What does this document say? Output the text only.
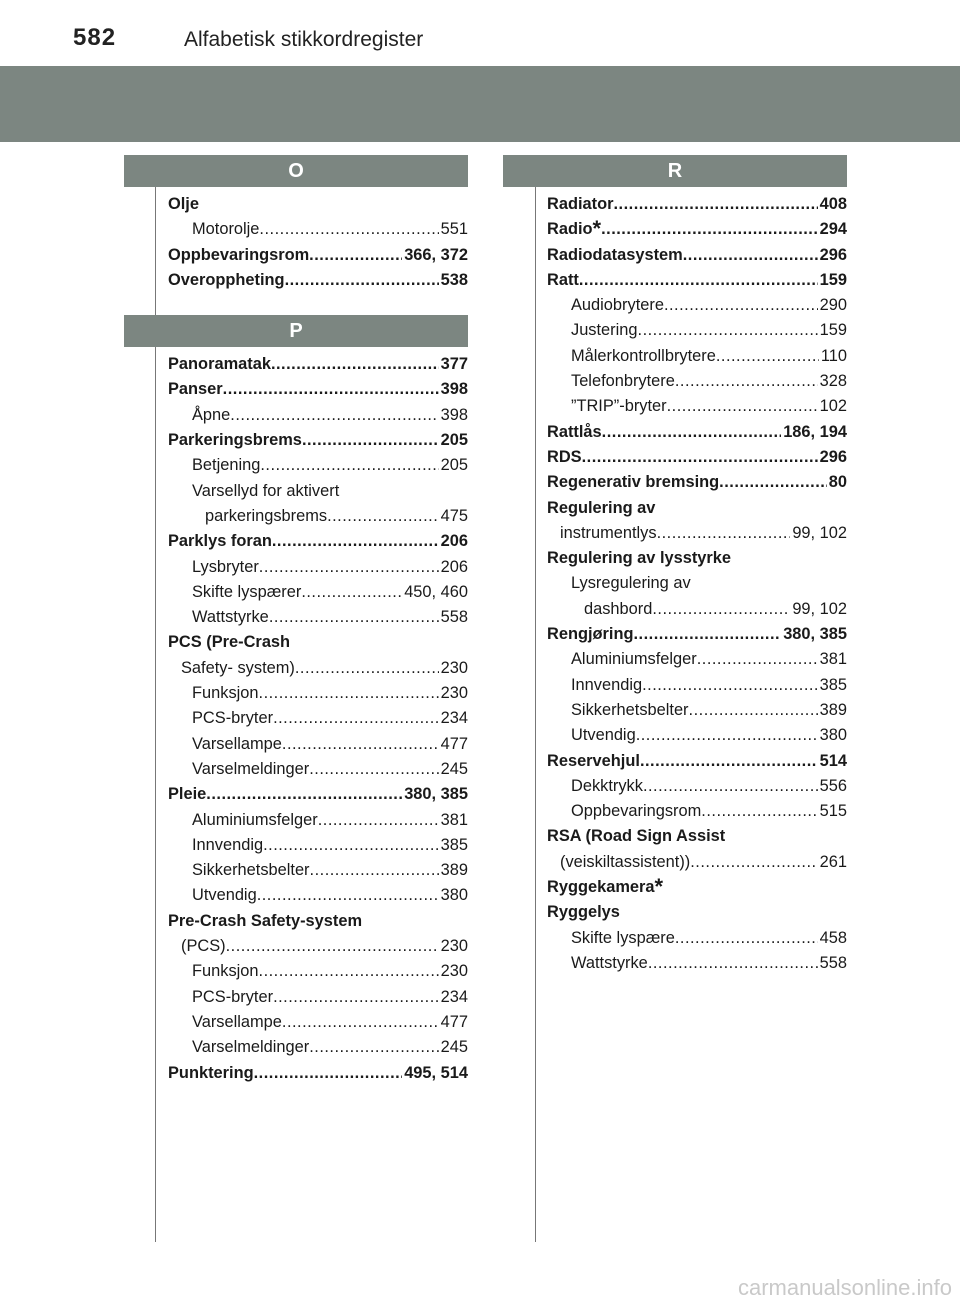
582	Alfabetisk stikkordregister
O
Olje
Motorolje .....	551
Oppbevaringsrom .....	366, 372
Overoppheting .....	538
P
Panoramatak .....	377
Panser .....	398
Åpne .....	398
Parkeringsbrems .....	205
Betjening .....	205
Varsellyd for aktivert
parkeringsbrems .....	475
Parklys foran .....	206
Lysbryter .....	206
Skifte lyspærer .....	450, 460
Wattstyrke .....	558
PCS (Pre-Crash
Safety- system) .....	230
Funksjon .....	230
PCS-bryter .....	234
Varsellampe .....	477
Varselmeldinger .....	245
Pleie .....	380, 385
Aluminiumsfelger .....	381
Innvendig .....	385
Sikkerhetsbelter .....	389
Utvendig .....	380
Pre-Crash Safety-system
(PCS) .....	230
Funksjon .....	230
PCS-bryter .....	234
Varsellampe .....	477
Varselmeldinger .....	245
Punktering .....	495, 514
R
Radiator .....	408
Radio* .....	294
Radiodatasystem .....	296
Ratt .....	159
Audiobrytere .....	290
Justering .....	159
Målerkontrollbrytere .....	110
Telefonbrytere .....	328
”TRIP”-bryter .....	102
Rattlås .....	186, 194
RDS .....	296
Regenerativ bremsing .....	80
Regulering av
instrumentlys .....	99, 102
Regulering av lysstyrke
Lysregulering av
dashbord .....	99, 102
Rengjøring .....	380, 385
Aluminiumsfelger .....	381
Innvendig .....	385
Sikkerhetsbelter .....	389
Utvendig .....	380
Reservehjul .....	514
Dekktrykk .....	556
Oppbevaringsrom .....	515
RSA (Road Sign Assist
(veiskiltassistent)) .....	261
Ryggekamera*
Ryggelys
Skifte lyspære .....	458
Wattstyrke .....	558
carmanualsonline.info
